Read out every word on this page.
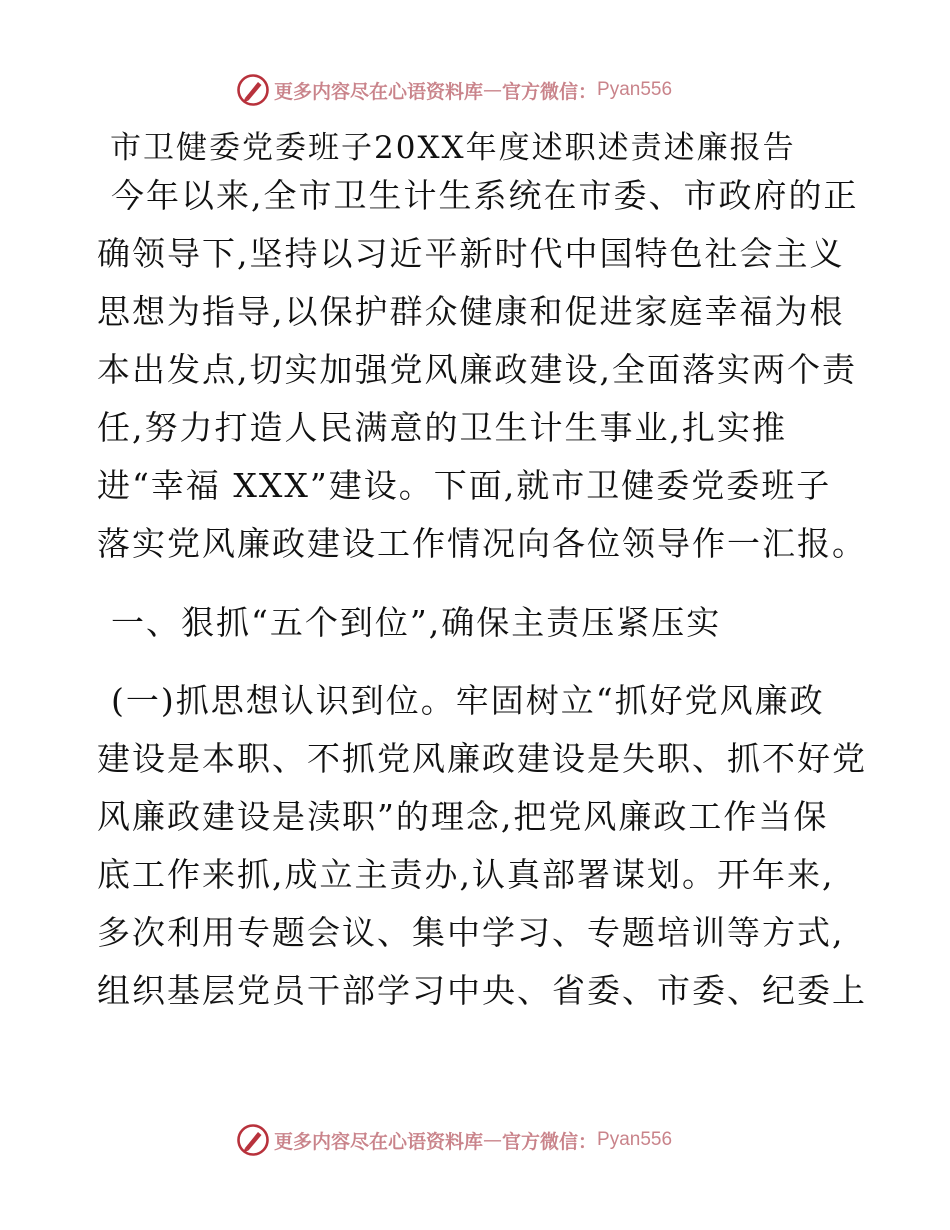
更多内容尽在心语资料库 — 官方微信： Pyan556
市卫健委党委班子20XX年度述职述责述廉报告
今年以来,全市卫生计生系统在市委、市政府的正
确领导下,坚持以习近平新时代中国特色社会主义
思想为指导,以保护群众健康和促进家庭幸福为根
本出发点,切实加强党风廉政建设,全面落实两个责
任,努力打造人民满意的卫生计生事业,扎实推
进“幸福 XXX”建设。下面,就市卫健委党委班子
落实党风廉政建设工作情况向各位领导作一汇报。
一、狠抓“五个到位”,确保主责压紧压实
(一)抓思想认识到位。牢固树立“抓好党风廉政
建设是本职、不抓党风廉政建设是失职、抓不好党
风廉政建设是渎职”的理念,把党风廉政工作当保
底工作来抓,成立主责办,认真部署谋划。开年来,
多次利用专题会议、集中学习、专题培训等方式,
组织基层党员干部学习中央、省委、市委、纪委上
更多内容尽在心语资料库 — 官方微信： Pyan556
